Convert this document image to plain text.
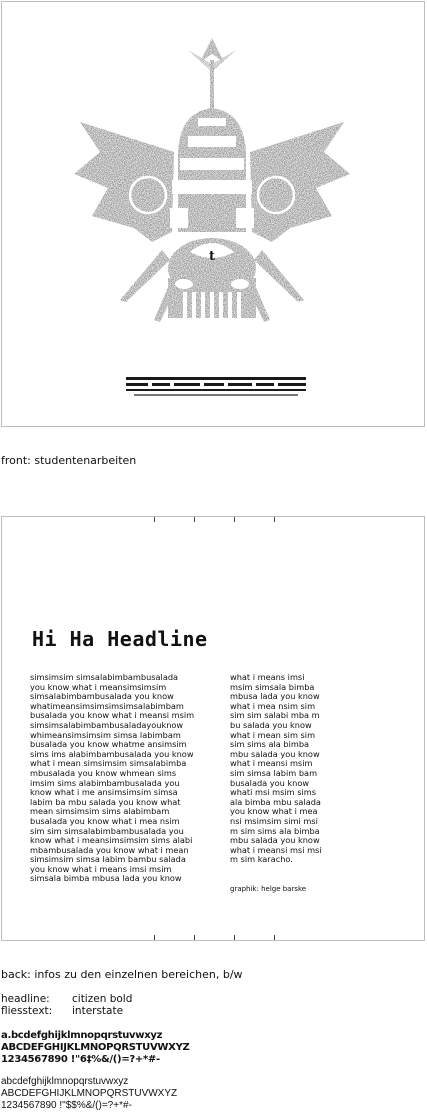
t
front: studentenarbeiten
Hi Ha Headline
simsimsim simsalabimbambusalada
you know what i meansimsimsim
simsalabimbambusalada you know
whatimeansimsimsimsimsalabimbam
busalada you know what i meansi msim
simsimsalabimbambusaladayouknow
whimeansimsimsim simsa labimbam
busalada you know whatme ansimsim
sims ims alabimbambusalada you know
what i mean simsimsim simsalabimba
mbusalada you know whmean sims
imsim sims alabimbambusalada you
know what i me ansimsimsim simsa
labim ba mbu salada you know what
mean simsimsim sims alabimbam
busalada you know what i mea nsim
sim sim simsalabimbambusalada you
know what i meansimsimsim sims alabi
mbambusalada you know what i mean
simsimsim simsa labim bambu salada
you know what i means imsi msim
simsala bimba mbusa lada you know
what i means imsi
msim simsala bimba
mbusa lada you know
what i mea nsim sim
sim sim salabi mba m
bu salada you know
what i mean sim sim
sim sims ala bimba
mbu salada you know
what i meansi msim
sim simsa labim bam
busalada you know
whati msi msim sims
ala bimba mbu salada
you know what i mea
nsi msimsim simi msi
m sim sims ala bimba
mbu salada you know
what i meansi msi msi
m sim karacho.
graphik: helge barske
back: infos zu den einzelnen bereichen, b/w
headline: citizen bold
fliesstext: interstate
a.bcdefghijklmnopqrstuvwxyz
ABCDEFGHIJKLMNOPQRSTUVWXYZ
1234567890 !"6‡%&/()=?+*#-
abcdefghijklmnopqrstuvwxyz
ABCDEFGHIJKLMNOPQRSTUVWXYZ
1234567890 !"$$%&/()=?+*#-
